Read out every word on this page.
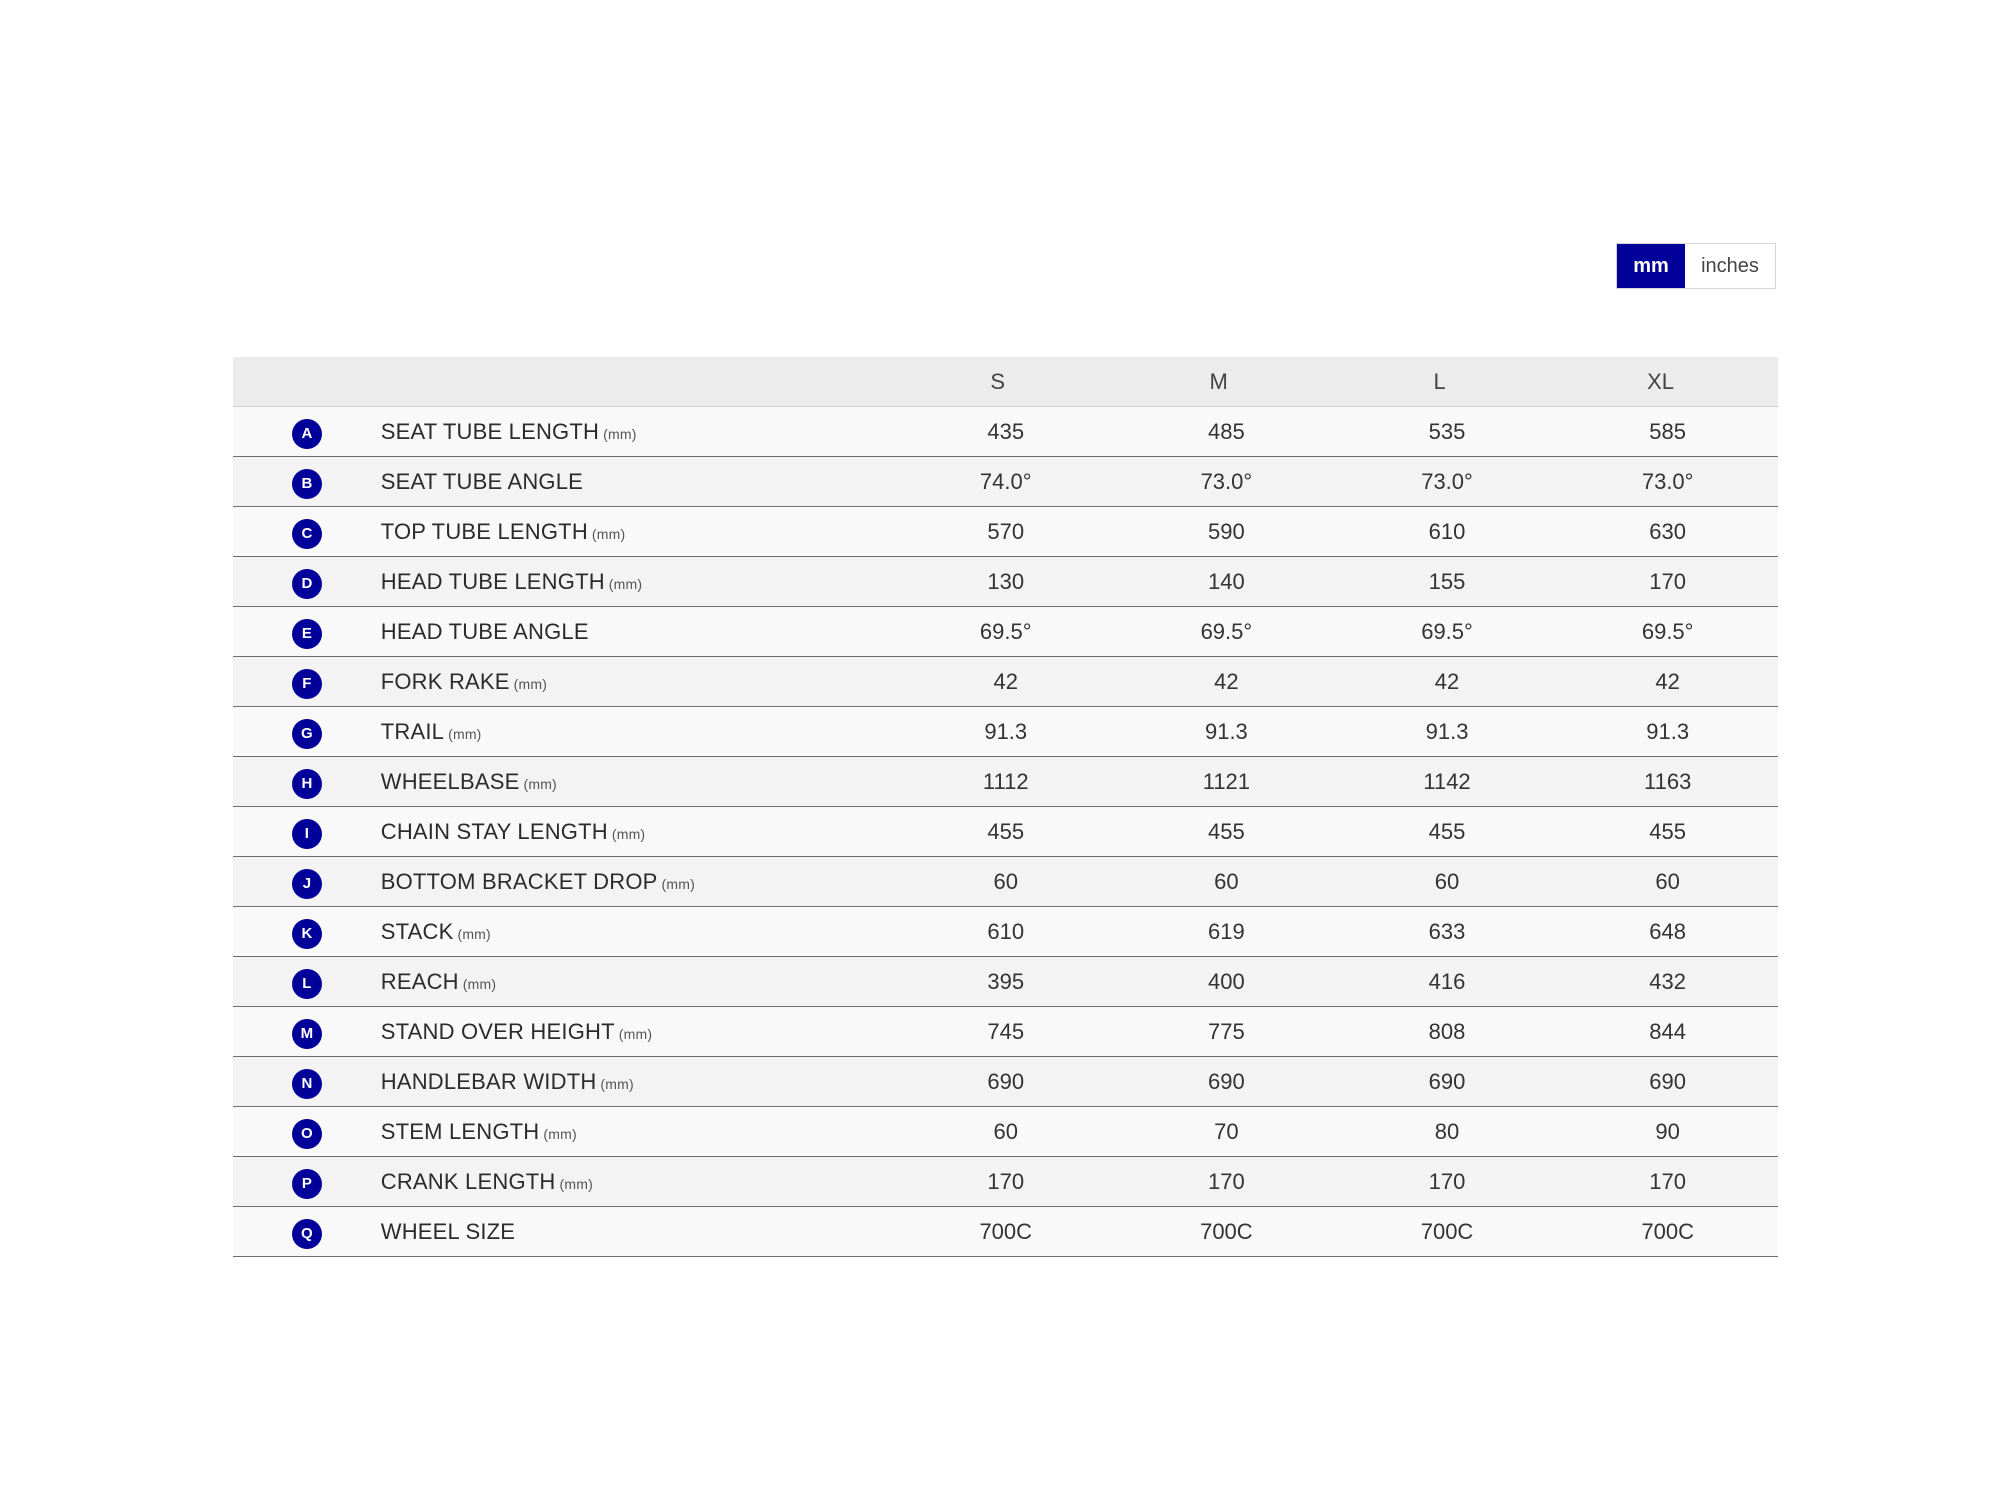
mm	inches
S	M	L	XL
A	SEAT TUBE LENGTH (mm)	435	485	535	585
B	SEAT TUBE ANGLE	74.0°	73.0°	73.0°	73.0°
C	TOP TUBE LENGTH (mm)	570	590	610	630
D	HEAD TUBE LENGTH (mm)	130	140	155	170
E	HEAD TUBE ANGLE	69.5°	69.5°	69.5°	69.5°
F	FORK RAKE (mm)	42	42	42	42
G	TRAIL (mm)	91.3	91.3	91.3	91.3
H	WHEELBASE (mm)	1112	1121	1142	1163
I	CHAIN STAY LENGTH (mm)	455	455	455	455
J	BOTTOM BRACKET DROP (mm)	60	60	60	60
K	STACK (mm)	610	619	633	648
L	REACH (mm)	395	400	416	432
M	STAND OVER HEIGHT (mm)	745	775	808	844
N	HANDLEBAR WIDTH (mm)	690	690	690	690
O	STEM LENGTH (mm)	60	70	80	90
P	CRANK LENGTH (mm)	170	170	170	170
Q	WHEEL SIZE	700C	700C	700C	700C
